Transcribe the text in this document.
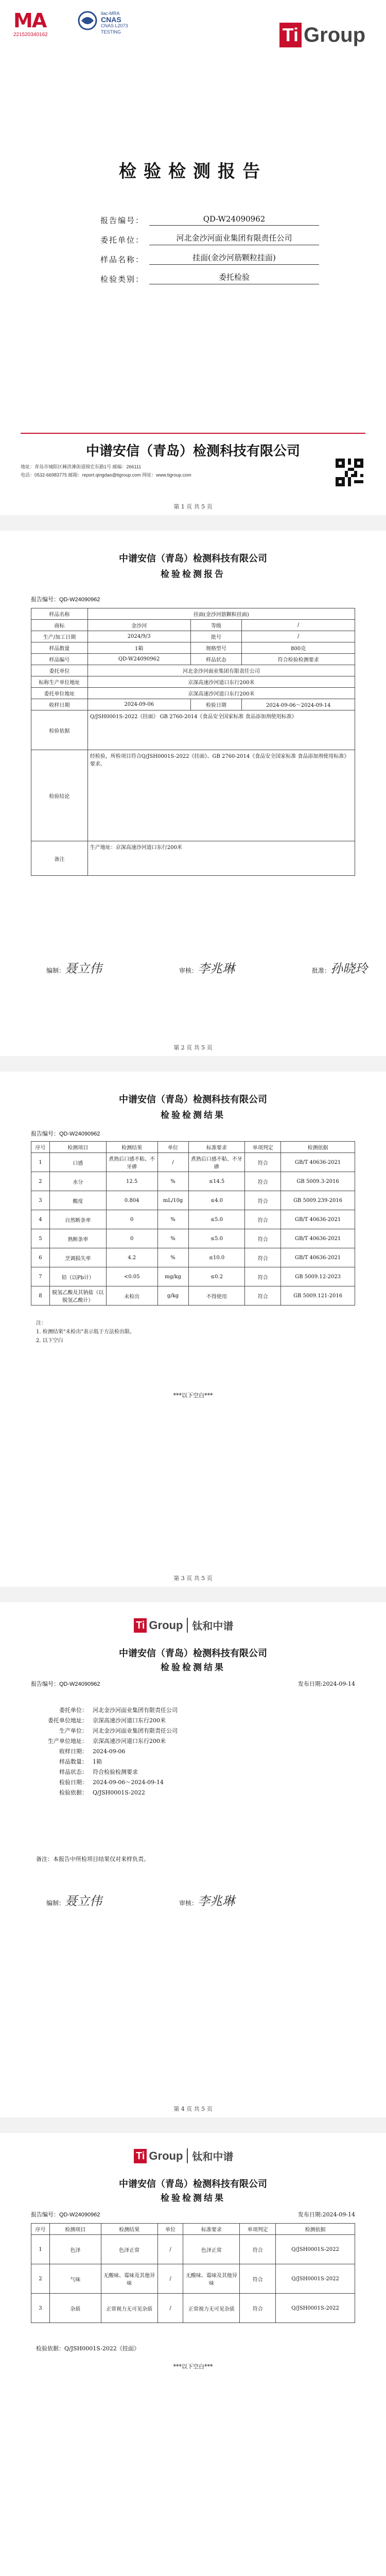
MA
221520340162
ilac-MRA
CNAS
CNAS L2073
TESTING	Ti Group
检验检测报告
报告编号：	QD-W24090962
委托单位：	河北金沙河面业集团有限责任公司
样品名称：	挂面(金沙河筋颗粒挂面)
检验类别：	委托检验
中谱安信（青岛）检测科技有限公司
地址：青岛市城阳区棘洪滩街道锦宏东路1号 邮编：266111
电话：0532-66983775 邮箱：report.qingdao@tigroup.com 网址：www.tigroup.com
第 1 页 共 5 页
中谱安信（青岛）检测科技有限公司
检验检测报告
报告编号：QD-W24090962
样品名称	挂面(金沙河筋颗粒挂面)		
商标	金沙河	等级	/
生产/加工日期	2024/9/3	批号	/
样品数量	1箱	规格型号	800克
样品编号	QD-W24090962	样品状态	符合检验检测要求
委托单位	河北金沙河面业集团有限责任公司		
标称生产单位地址	京深高速沙河道口东行200米		
委托单位地址	京深高速沙河道口东行200米		
收样日期	2024-09-06	检验日期	2024-09-06～2024-09-14
检验依据	Q/JSH0001S-2022《挂面》 GB 2760-2014《食品安全国家标准 食品添加剂使用标准》		
检验结论	经检验，所检项目符合Q/JSH0001S-2022《挂面》、GB 2760-2014《食品安全国家标准 食品添加剂使用标准》要求。		
备注	生产地址：京深高速沙河道口东行200米		
编制：聂立伟	审核：李兆琳	批准：孙晓玲
第 2 页 共 5 页
中谱安信（青岛）检测科技有限公司
检验检测结果
报告编号：QD-W24090962
序号	检测项目	检测结果	单位	标准要求	单项判定	检测依据
1	口感	煮熟后口感不粘、不牙碜	/	煮熟后口感不粘、不牙碜	符合	GB/T 40636-2021
2	水分	12.5	%	≤14.5	符合	GB 5009.3-2016
3	酸度	0.804	mL/10g	≤4.0	符合	GB 5009.239-2016
4	自然断条率	0	%	≤5.0	符合	GB/T 40636-2021
5	熟断条率	0	%	≤5.0	符合	GB/T 40636-2021
6	烹调损失率	4.2	%	≤10.0	符合	GB/T 40636-2021
7	铅（以Pb计）	<0.05	mg/kg	≤0.2	符合	GB 5009.12-2023
8	脱氢乙酸及其钠盐（以脱氢乙酸计）	未检出	g/kg	不得使用	符合	GB 5009.121-2016
注：
1. 检测结果"未检出"表示低于方法检出限。
2. 以下空白
***以下空白***
第 3 页 共 5 页
Ti Group 钛和中谱
中谱安信（青岛）检测科技有限公司
检验检测结果
报告编号：QD-W24090962	发布日期:2024-09-14
委托单位： 河北金沙河面业集团有限责任公司
委托单位地址： 京深高速沙河道口东行200米
生产单位： 河北金沙河面业集团有限责任公司
生产单位地址： 京深高速沙河道口东行200米
收样日期： 2024-09-06
样品数量： 1箱
样品状态： 符合检验检测要求
检验日期： 2024-09-06～2024-09-14
检验依据： Q/JSH0001S-2022
备注：本报告中所检项目结果仅对来样负责。
编制：聂立伟	审核：李兆琳
第 4 页 共 5 页
Ti Group 钛和中谱
中谱安信（青岛）检测科技有限公司
检验检测结果
报告编号：QD-W24090962	发布日期:2024-09-14
序号	检测项目	检测结果	单位	标准要求	单项判定	检测依据
1	色泽	色泽正常	/	色泽正常	符合	Q/JSH0001S-2022
2	气味	无酸味、霉味及其他异味	/	无酸味、霉味及其他异味	符合	Q/JSH0001S-2022
3	杂质	正常视力无可见杂质	/	正常视力无可见杂质	符合	Q/JSH0001S-2022
检验依据：Q/JSH0001S-2022《挂面》
***以下空白***
